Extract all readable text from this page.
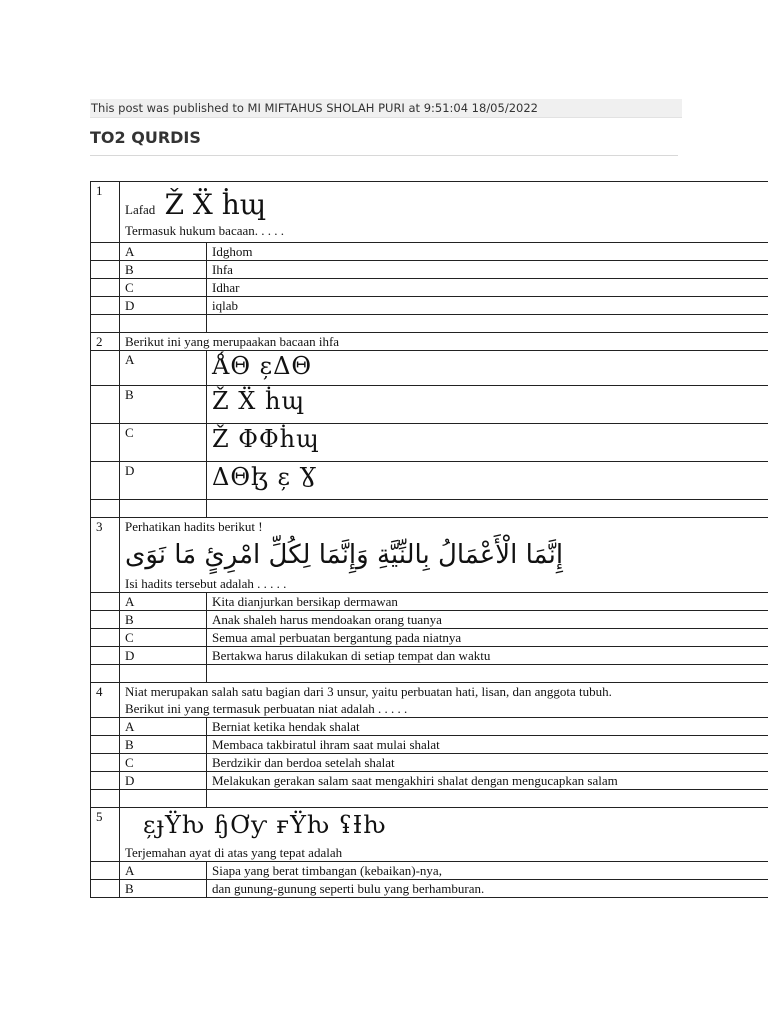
This post was published to MI MIFTAHUS SHOLAH PURI at 9:51:04 18/05/2022
TO2 QURDIS
1	Lafad Ž Ẍ ḣɰ
Termasuk hukum bacaan. . . . .	

	A	Idghom
	B	Ihfa
	C	Idhar
	D	iqlab

2	Berikut ini yang merupaakan bacaan ihfa	
	A	ǺΘ ɛ̦ΔΘ
	B	Ž Ẍ ḣɰ
	C	Ž ΦΦḣɰ
	D	ΔΘɮ ɛ̦ Ɣ

3	Perhatikan hadits berikut !
إِنَّمَا الْأَعْمَالُ بِالنِّيَّةِ وَإِنَّمَا لِكُلِّ امْرِئٍ مَا نَوَى
Isi hadits tersebut adalah . . . . .	

	A	Kita dianjurkan bersikap dermawan
	B	Anak shaleh harus mendoakan orang tuanya
	C	Semua amal perbuatan bergantung pada niatnya
	D	Bertakwa harus dilakukan di setiap tempat dan waktu

4	Niat merupakan salah satu bagian dari 3 unsur, yaitu perbuatan hati, lisan, dan anggota tubuh.
Berikut ini yang termasuk perbuatan niat adalah . . . . .	

	A	Berniat ketika hendak shalat
	B	Membaca takbiratul ihram saat mulai shalat
	C	Berdzikir dan berdoa setelah shalat
	D	Melakukan gerakan salam saat mengakhiri shalat dengan mengucapkan salam

5	ɛ̦ɟŸƕ ɧƠƴ ғŸƕ ʢƗƕ
Terjemahan ayat di atas yang tepat adalah	

	A	Siapa yang berat timbangan (kebaikan)-nya,
	B	dan gunung-gunung seperti bulu yang berhamburan.
